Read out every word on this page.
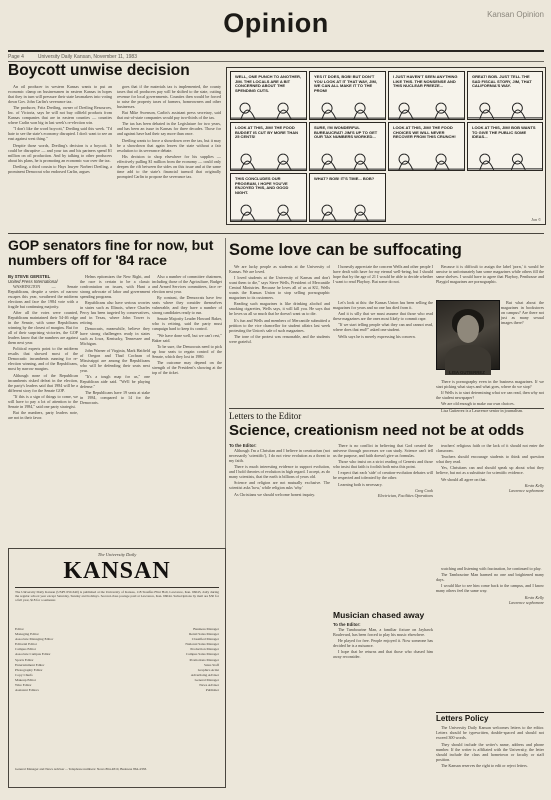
Opinion	Kansan Opinion
Page 4	University Daily Kansan, November 11, 1983
Boycott unwise decision

An oil producer in western Kansas wants to put an economic clamp on businessmen in eastern Kansas in hopes that they in turn will pressure their state lawmakers into voting down Gov. John Carlin's severance tax.

The producer, Fritz Dreiling, owner of Dreiling Resources, Inc. of Victoria, says he will not buy oilfield products from Kansas companies that are in eastern counties — counties where Carlin won big in last week's re-election win.

"I don't like the word boycott," Dreiling said this week. "I'd hate to see the state's economy disrupted. I don't want to see an east against west thing."

Despite those words, Dreiling's decision is a boycott. It could be disruptive — and your tax and his partners spend $1 million on oil production. And by talking to other producers about his plans, he is promoting an economic war over the tax.

Dreiling, a third cousin to Hays lawyer Norbert Dreiling, a prominent Democrat who endorsed Carlin, argues

goes that if the materials tax is implemented, the county taxes that oil producers pay will be shifted to the state, cutting revenue for local governments. Counties then would be forced to raise the property taxes of farmers, homeowners and other businesses.

But Mike Swenson, Carlin's assistant press secretary, said that out-of-state companies would pay two-thirds of the tax.

The tax has been debated in the Legislature for two years, and has been an issue in Kansas for three decades. Those for and against have had their say more than once.

Dreiling wants to force a showdown over the tax, but it may be a showdown that again leaves the state without a fair resolution to its severance debate.

His decision to shop elsewhere for his supplies — effectively pulling $1 million from the economy — could only deepen the rift between the sides on this issue and at the same time add to the state's financial turmoil that originally prompted Carlin to propose the severance tax.

WELL, ONE PUNCH TO ANOTHER, JIM. THE LOCALS ARE A BIT CONCERNED ABOUT THE SPENDING CUTS.
YES IT DOES, BOB! BUT DON'T YOU LOOK AT IT THAT WAY, JIM, WE CAN ALL MAKE IT TO THE PROM!
I JUST HAVEN'T SEEN ANYTHING LIKE THIS. THE NONSENSE AND THIS NUCLEAR FREEZE...
GREAT! BOB. JUST TELL THE SAD FISCAL STORY, JIM, THAT CALIFORNIA'S WAY.
LOOK AT THIS, JIM! THE FOOD BUDGET IS CUT BY MORE THAN 25 CENTS!
SURE, I'M WONDERFUL BUREAUCRAT! JIM'S UP TO GET OUR TAX NUMBERS WORKED...
LOOK AT THIS, JIM! THE FOOD CHOICES WE WILL NEVER RECOVER FROM THIS CRUNCH!
LOOK AT THIS, JIM! BOB WANTS TO GIVE THE PUBLIC SOME IDEAS...
THIS CONCLUDES OUR PROGRAM, I HOPE YOU'VE ENJOYED THIS, AND GOOD NIGHT.
WHAT? BOB! IT'S TIME... BOB?
Jon ©
GOP senators fine for now, but numbers off for '84 race
By STEVE GERSTEL
United Press International

WASHINGTON — Senate Republicans, despite a series of narrow escapes this year, weathered the midterm elections and face the 1984 vote with a fragile but continuing majority.

After all the votes were counted, Republicans maintained their 54-46 edge in the Senate, with some Republicans winning by the closest of margins. But for all of their surprising victories, the GOP leaders know that the numbers are against them next year.

Political experts point to the midterm results that showed most of the Democratic incumbents running for re-election winning, and of the Republicans, most by narrow margins.

Although none of the Republican incumbents risked defeat in the election, the party's leaders said that 1984 will be a different story for the Senate GOP.

"If this is a sign of things to come, we will have to pay a lot of attention to the Senate in 1984," said one party strategist.

But the numbers, party leaders note, are not in their favor.

Helms epitomizes the New Right, and the race is certain to be a classic confrontation on issues, with Hunt a strong advocate of labor and government spending programs.

Republicans also have serious worries in states such as Illinois, where Charles Percy has been targeted by conservatives, and in Texas, where John Tower is retiring.

Democrats, meanwhile, believe they have strong challengers ready in states such as Iowa, Kentucky, Tennessee and Michigan.

John Warner of Virginia, Mark Hatfield of Oregon and Thad Cochran of Mississippi are among the Republicans who will be defending their seats next year.

"It's a tough map for us," one Republican aide said. "We'll be playing defense."

The Republicans have 19 seats at stake in 1984, compared to 14 for the Democrats.

Also a number of committee chairmen, including those of the Agriculture, Budget and Armed Services committees, face re-election next year.

By contrast, the Democrats have few seats where they consider themselves vulnerable, and they have a number of strong candidates ready to run.

Senate Majority Leader Howard Baker, who is retiring, said the party must campaign hard to keep its control.

"We have done well, but we can't rest," Baker said.

To be sure, the Democrats need to pick up four seats to regain control of the Senate, which they lost in 1980.

The outcome may depend on the strength of the President's showing at the top of the ticket.

Some love can be suffocating

We are lucky people as students at the University of Kansas. We are loved.

I loved students at the University of Kansas and don't want them to die," says Steve Wells, President of Mercantile Central Ministries. Because he loves all of us at KU, Wells wants the Kansas Union to stop selling pornographic magazines to its customers.

Reading such magazines is like drinking alcohol and smoking cigarettes, Wells says, it will kill you. He says that he loves us all so much that he doesn't want us to die.

It's fun and Wells and members of Mercantile submitted a petition to the vice chancellor for student affairs last week protesting the Union's sale of such magazines.

The tone of the protest was reasonable, and the students were grateful.

I honestly appreciate the concern Wells and other people I have dealt with have for my eternal well-being, but I should hope that by the age of 21 I would be able to decide whether I want to read Playboy. But some do not.

Let's look at this: the Kansas Union has been selling the magazines for years and no one has died from it.

And it is silly that we must assume that those who read these magazines are the ones most likely to commit rape.

"If we start telling people what they can and cannot read, where does that end?" asked one student.

Wells says he is merely expressing his concern.

LISA GUTIERREZ

Because it is difficult to assign the label 'porn,' it would be unwise to unfortunately ban some magazines while others fill the same shelves. I would have to agree that Playboy, Penthouse and Playgirl magazines are pornographic.

But what about the magazines in bookstores on campus? Are there not just as many sexual images there?

There is pornography even in the business magazines. If we start picking what stays and what goes, where do we stop?

If Wells is to start determining what we can read, then why not the student newspaper?

We are old enough to make our own choices.

Lisa Gutierrez is a Lawrence senior in journalism.

Letters to the Editor
Science, creationism need not be at odds
To the Editor:

Although I'm a Christian and I believe in creationism (not necessarily 'scientific'), I do not view evolution as a threat to my faith.

There is much interesting evidence to support evolution, and I hold theories of evolution in high regard. I accept, as do many scientists, that the earth is billions of years old.

Science and religion are not mutually exclusive. The scientist asks 'how,' while religion asks 'why.'

As Christians we should welcome honest inquiry.

There is no conflict in believing that God created the universe through processes we can study. Science can't tell us the purpose, and faith doesn't give us formulas.

Those who insist on a strict reading of Genesis and those who insist that faith is foolish both miss this point.

I expect that each 'side' of creation-evolution debates will be respected and tolerated by the other.

Learning both is necessary.

Greg Cook
Electrician, Facilities Operations

teachers' religious faith or the lack of it should not enter the classroom.

Teachers should encourage students to think and question what they read.

Yes, Christians can and should speak up about what they believe, but not as a substitute for scientific evidence.

We should all agree on that.

Kevin Kelly
Lawrence sophomore
Musician chased away
To the Editor:

The Tambourine Man, a familiar fixture on Jayhawk Boulevard, has been forced to play his music elsewhere.

He played for free. People enjoyed it. Now someone has decided he is a nuisance.

I hope that he returns and that those who chased him away reconsider.

watching and listening with fascination, he continued to play.

The Tambourine Man harmed no one and brightened many days.

I would like to see him come back to the campus, and I know many others feel the same way.

Kevin Kelly
Lawrence sophomore
Letters Policy

The University Daily Kansan welcomes letters to the editor. Letters should be typewritten, double-spaced and should not exceed 300 words.

They should include the writer's name, address and phone number. If the writer is affiliated with the University, the letter should include the class and hometown or faculty or staff position.

The Kansan reserves the right to edit or reject letters.

The University Daily
KANSAN
The University Daily Kansan (USPS 650-640) is published at the University of Kansas, 118 Stauffer-Flint Hall, Lawrence, Kan. 66045, daily during the regular school year except Saturday, Sunday and holidays. Second-class postage paid at Lawrence, Kan. 66044. Subscriptions by mail are $30 for a full year, $18 for a semester.
Editor
Managing Editor
Associate Managing Editor
Editorial Editor
Campus Editor
Associate Campus Editor
Sports Editor
Entertainment Editor
Photography Editor
Copy Chiefs
Makeup Editor
Wire Editor
Assistant Editors
Business Manager
Retail Sales Manager
Classified Manager
National Sales Manager
Production Manager
Campus Sales Manager
Promotions Manager
Sales Staff
Graphics Artist
Advertising Adviser
General Manager
News Adviser
Publisher
General Manager and News Adviser ... Telephone numbers: News 864-4810, Business 864-4358.
